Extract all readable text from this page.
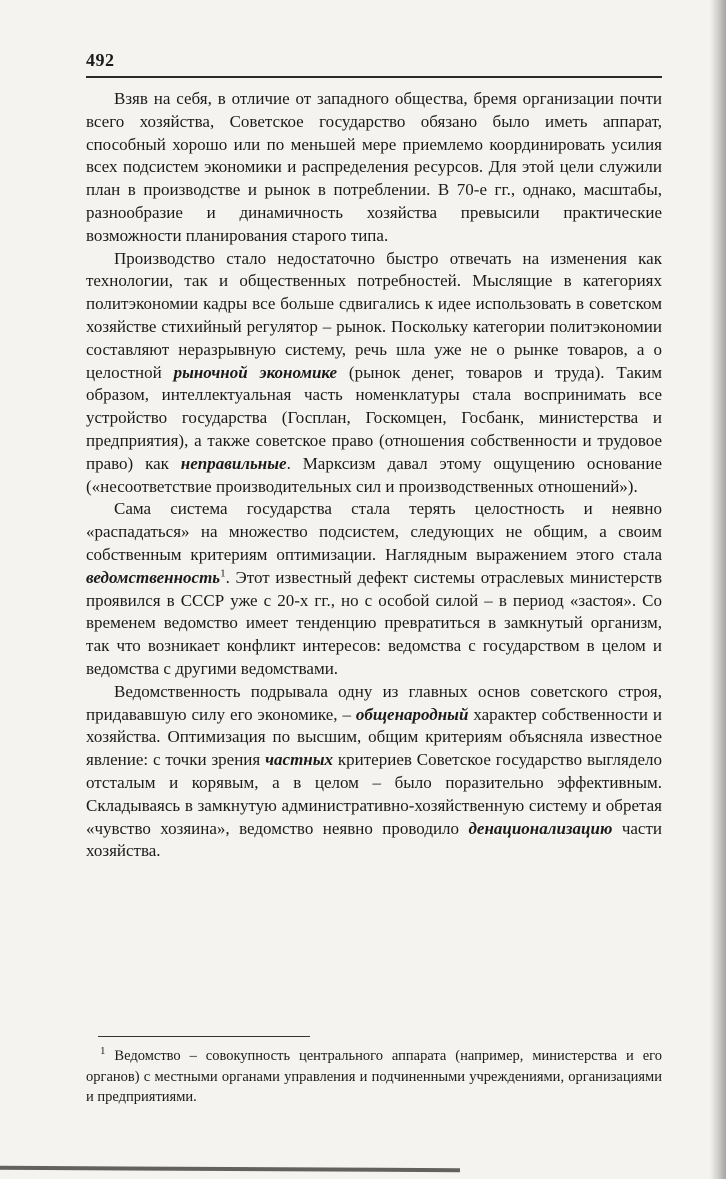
492

Взяв на себя, в отличие от западного общества, бремя организации почти всего хозяйства, Советское государство обязано было иметь аппарат, способный хорошо или по меньшей мере приемлемо координировать усилия всех подсистем экономики и распределения ресурсов. Для этой цели служили план в производстве и рынок в потреблении. В 70-е гг., однако, масштабы, разнообразие и динамичность хозяйства превысили практические возможности планирования старого типа.

Производство стало недостаточно быстро отвечать на изменения как технологии, так и общественных потребностей. Мыслящие в категориях политэкономии кадры все больше сдвигались к идее использовать в советском хозяйстве стихийный регулятор – рынок. Поскольку категории политэкономии составляют неразрывную систему, речь шла уже не о рынке товаров, а о целостной рыночной экономике (рынок денег, товаров и труда). Таким образом, интеллектуальная часть номенклатуры стала воспринимать все устройство государства (Госплан, Госкомцен, Госбанк, министерства и предприятия), а также советское право (отношения собственности и трудовое право) как неправильные. Марксизм давал этому ощущению основание («несоответствие производительных сил и производственных отношений»).

Сама система государства стала терять целостность и неявно «распадаться» на множество подсистем, следующих не общим, а своим собственным критериям оптимизации. Наглядным выражением этого стала ведомственность$^1$. Этот известный дефект системы отраслевых министерств проявился в СССР уже с 20-х гг., но с особой силой – в период «застоя». Со временем ведомство имеет тенденцию превратиться в замкнутый организм, так что возникает конфликт интересов: ведомства с государством в целом и ведомства с другими ведомствами.

Ведомственность подрывала одну из главных основ советского строя, придававшую силу его экономике, – общенародный характер собственности и хозяйства. Оптимизация по высшим, общим критериям объясняла известное явление: с точки зрения частных критериев Советское государство выглядело отсталым и корявым, а в целом – было поразительно эффективным. Складываясь в замкнутую административно-хозяйственную систему и обретая «чувство хозяина», ведомство неявно проводило денационализацию части хозяйства.

$^1$ Ведомство – совокупность центрального аппарата (например, министерства и его органов) с местными органами управления и подчиненными учреждениями, организациями и предприятиями.
